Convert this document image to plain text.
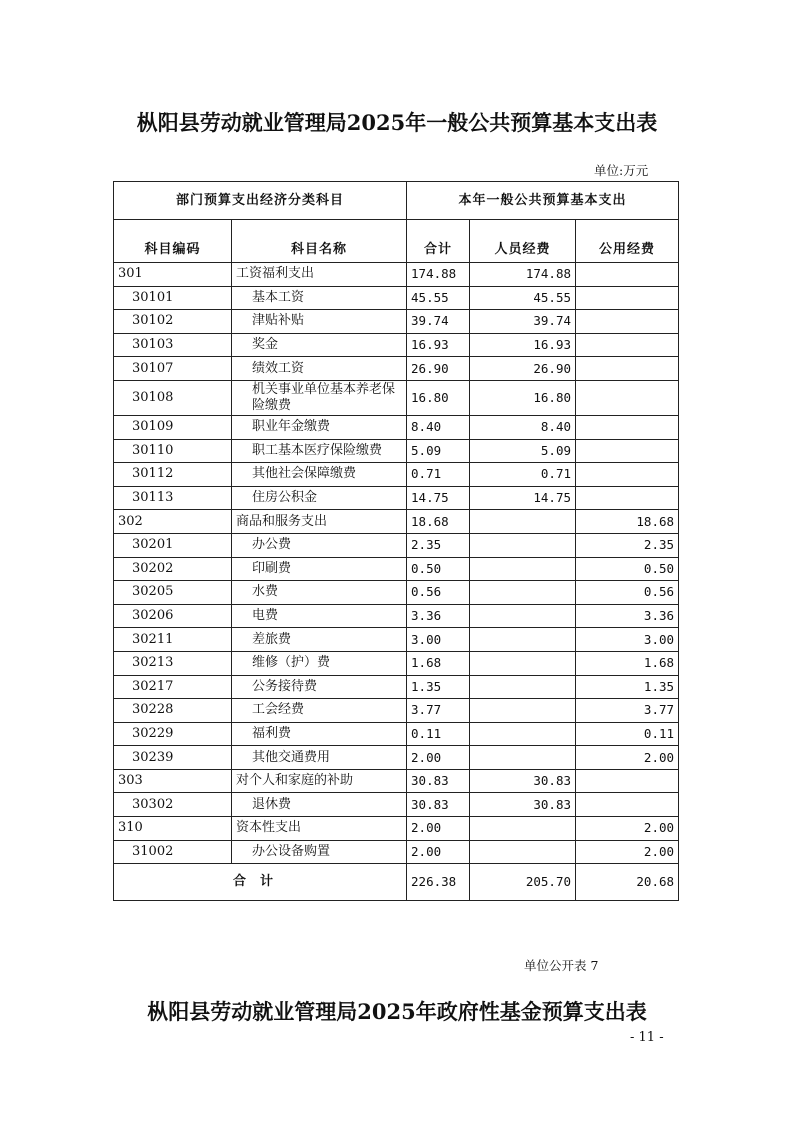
枞阳县劳动就业管理局2025年一般公共预算基本支出表
单位:万元
部门预算支出经济分类科目		本年一般公共预算基本支出		
科目编码	科目名称	合计	人员经费	公用经费
301	工资福利支出	174.88	174.88	
30101	基本工资	45.55	45.55	
30102	津贴补贴	39.74	39.74	
30103	奖金	16.93	16.93	
30107	绩效工资	26.90	26.90	
30108	机关事业单位基本养老保险缴费	16.80	16.80	
30109	职业年金缴费	8.40	8.40	
30110	职工基本医疗保险缴费	5.09	5.09	
30112	其他社会保障缴费	0.71	0.71	
30113	住房公积金	14.75	14.75	
302	商品和服务支出	18.68		18.68
30201	办公费	2.35		2.35
30202	印刷费	0.50		0.50
30205	水费	0.56		0.56
30206	电费	3.36		3.36
30211	差旅费	3.00		3.00
30213	维修（护）费	1.68		1.68
30217	公务接待费	1.35		1.35
30228	工会经费	3.77		3.77
30229	福利费	0.11		0.11
30239	其他交通费用	2.00		2.00
303	对个人和家庭的补助	30.83	30.83	
30302	退休费	30.83	30.83	
310	资本性支出	2.00		2.00
31002	办公设备购置	2.00		2.00
合计		226.38	205.70	20.68
单位公开表 7
枞阳县劳动就业管理局2025年政府性基金预算支出表
- 11 -
